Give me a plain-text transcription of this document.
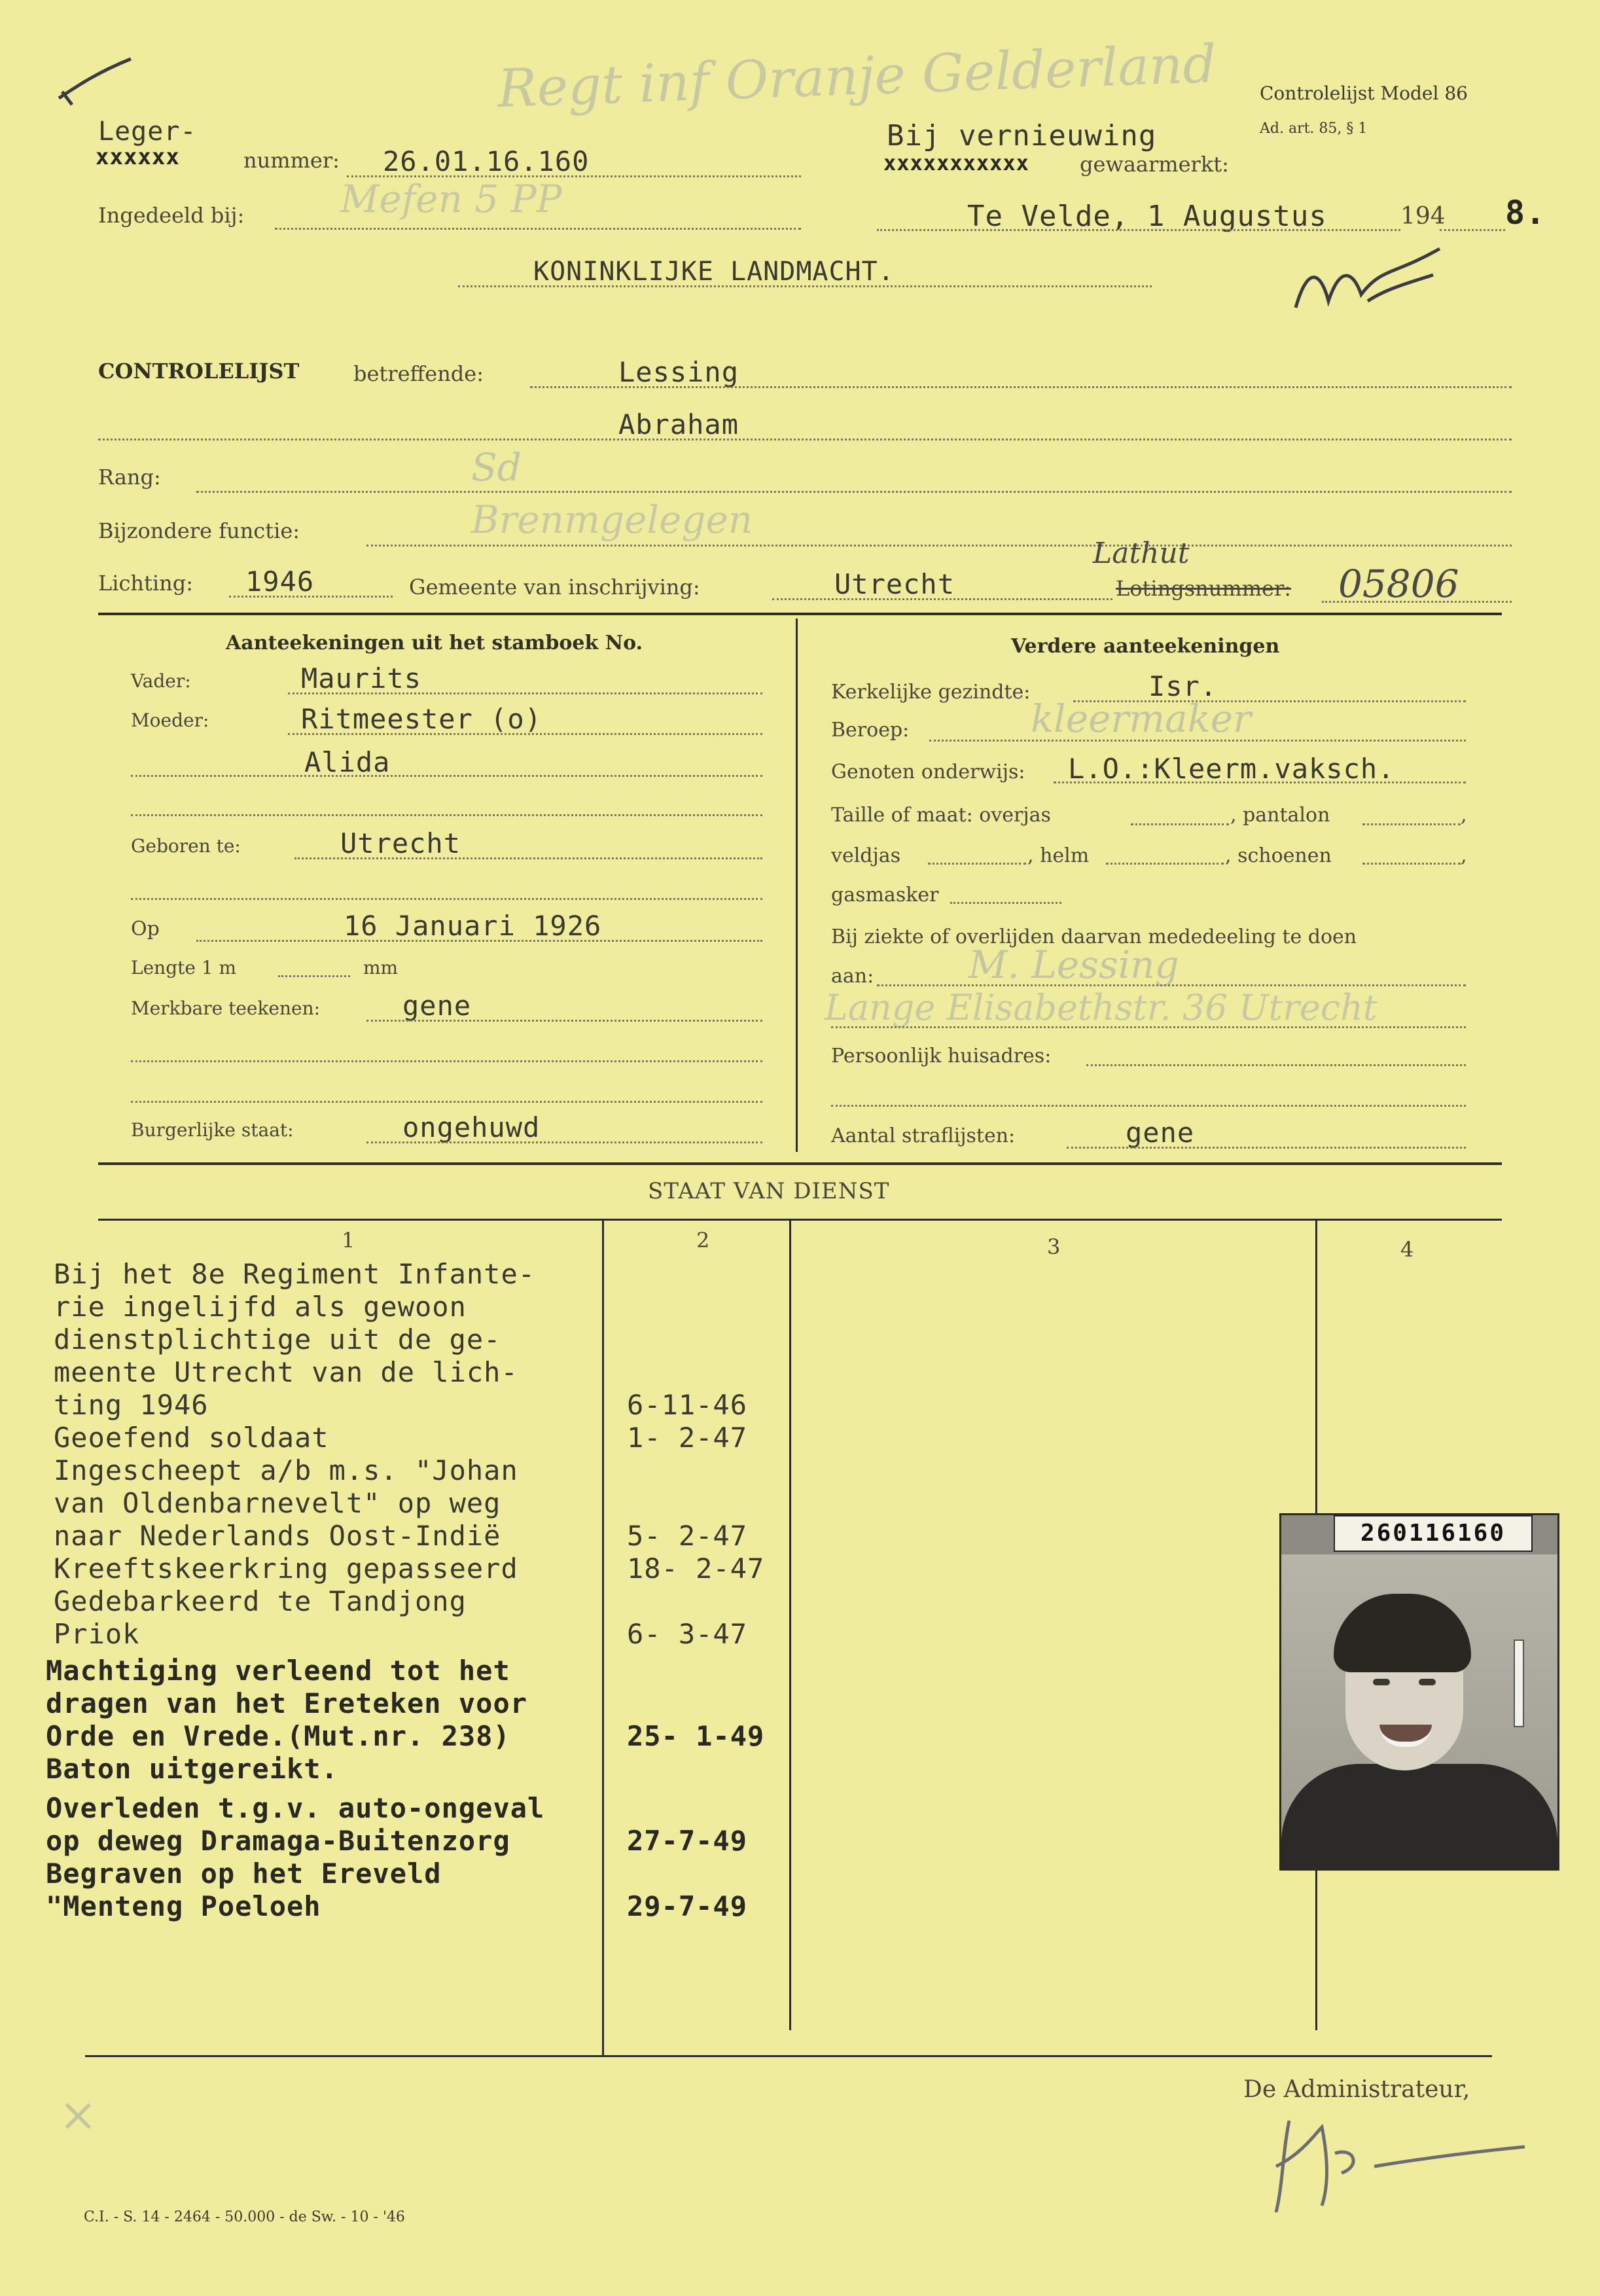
Controlelijst Model 86
Ad. art. 85, § 1
Regt inf Oranje Gelderland
Leger-
xxxxxx	nummer: 26.01.16.160
Bij vernieuwing
xxxxxxxxxxx gewaarmerkt:
Ingedeeld bij:	Mefen 5 PP	Te Velde, 1 Augustus	194 8.
KONINKLIJKE LANDMACHT.
CONTROLELIJST	betreffende:	Lessing
Abraham
Rang:	Sd
Bijzondere functie:	Brenmgelegen
Lichting: 1946	Gemeente van inschrijving:	Utrecht
Lathut
Lotingsnummer: 05806
Aanteekeningen uit het stamboek No.
Vader:	Maurits
Moeder:	Ritmeester (o)
Alida
Geboren te:	Utrecht
Op	16 Januari 1926
Lengte 1 m	mm
Merkbare teekenen:	gene
Burgerlijke staat:	ongehuwd
Verdere aanteekeningen
Kerkelijke gezindte:	Isr.
Beroep:	kleermaker
Genoten onderwijs: L.O.:Kleerm.vaksch.
Taille of maat: overjas	, pantalon	,
veldjas	, helm	, schoenen	,
gasmasker
Bij ziekte of overlijden daarvan mededeeling te doen
aan: M. Lessing
Lange Elisabethstr. 36 Utrecht
Persoonlijk huisadres:
Aantal straflijsten:	gene
STAAT VAN DIENST
1	2	3	4
Bij het 8e Regiment Infante-
rie ingelijfd als gewoon
dienstplichtige uit de ge-
meente Utrecht van de lich-
ting 1946	6-11-46
Geoefend soldaat	1- 2-47
Ingescheept a/b m.s. "Johan
van Oldenbarnevelt" op weg
naar Nederlands Oost-Indië	5- 2-47
Kreeftskeerkring gepasseerd	18- 2-47
Gedebarkeerd te Tandjong
Priok	6- 3-47
Machtiging verleend tot het
dragen van het Ereteken voor
Orde en Vrede.(Mut.nr. 238)	25- 1-49
Baton uitgereikt.
Overleden t.g.v. auto-ongeval
op deweg Dramaga-Buitenzorg	27-7-49
Begraven op het Ereveld
"Menteng Poeloeh	29-7-49
260116160
De Administrateur,
×
C.I. - S. 14 - 2464 - 50.000 - de Sw. - 10 - '46
